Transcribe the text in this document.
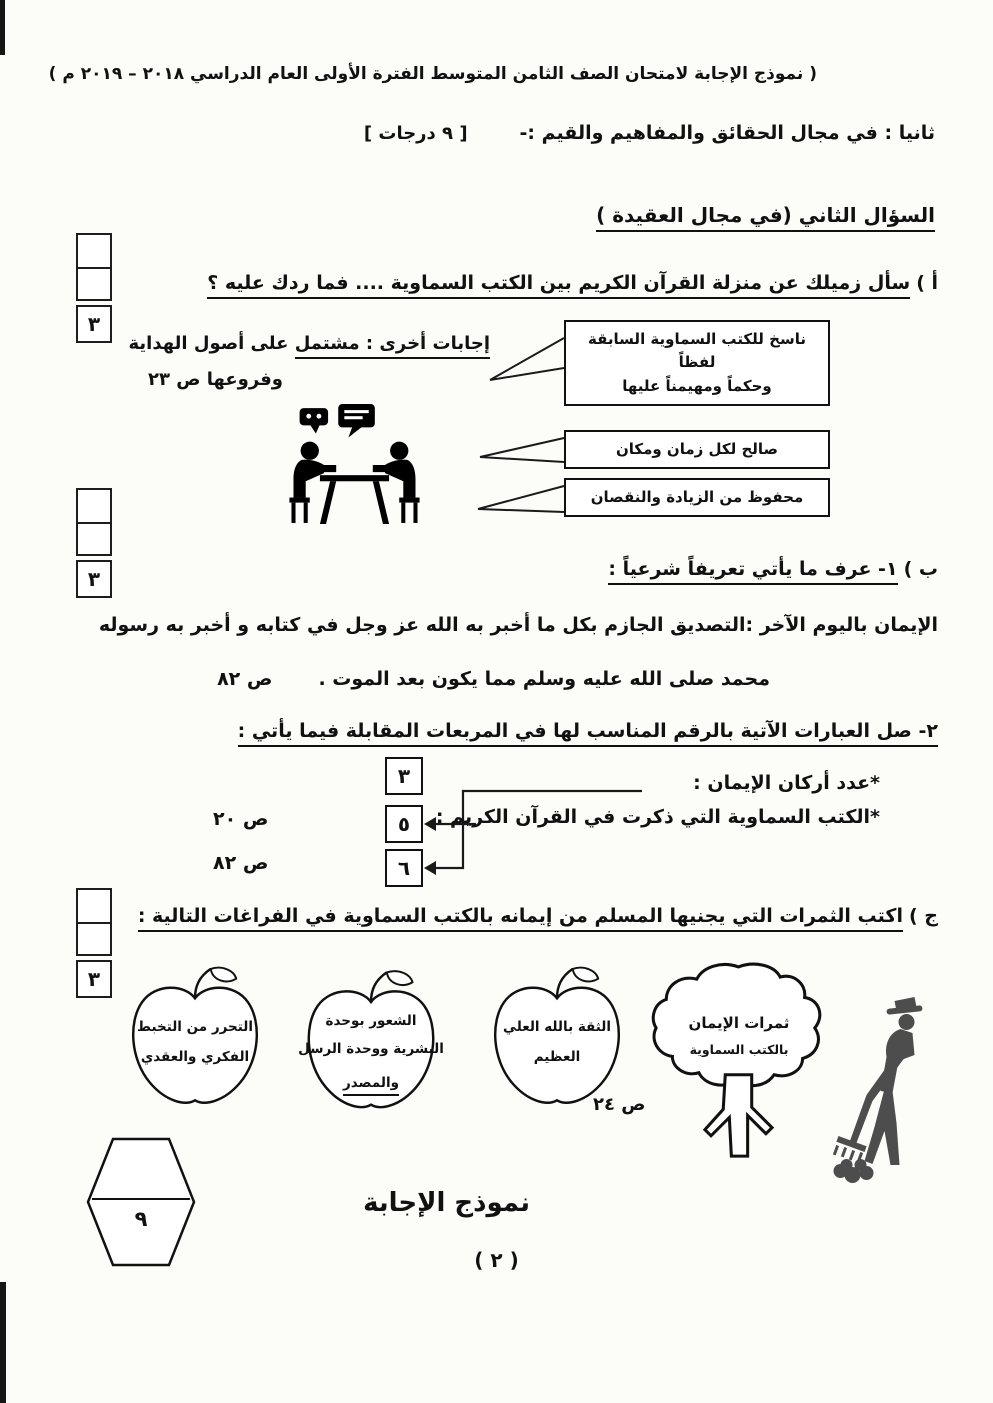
( نموذج الإجابة لامتحان الصف الثامن المتوسط الفترة الأولى العام الدراسي ٢٠١٨ – ٢٠١٩ م )
ثانيا : في مجال الحقائق والمفاهيم والقيم :-
[ ٩ درجات ]
السؤال الثاني (في مجال العقيدة )
أ ) سأل زميلك عن منزلة القرآن الكريم بين الكتب السماوية .... فما ردك عليه ؟
٣
ناسخ للكتب السماوية السابقة لفظاً
وحكماً ومهيمناً عليها
إجابات أخرى : مشتمل على أصول الهداية
وفروعها ص ٢٣
صالح لكل زمان ومكان
محفوظ من الزيادة والنقصان
٣	ب ) ١- عرف ما يأتي تعريفاً شرعياً :
الإيمان باليوم الآخر :التصديق الجازم بكل ما أخبر به الله عز وجل في كتابه و أخبر به رسوله
محمد صلى الله عليه وسلم مما يكون بعد الموت .
ص ٨٢
٢- صل العبارات الآتية بالرقم المناسب لها في المربعات المقابلة فيما يأتي :
*عدد أركان الإيمان :
*الكتب السماوية التي ذكرت في القرآن الكريم :
٣
٥
٦
ص ٢٠
ص ٨٢
٣
ج ) اكتب الثمرات التي يجنيها المسلم من إيمانه بالكتب السماوية في الفراغات التالية :
التحرر من التخبط
الفكري والعقدي
الشعور بوحدة
البشرية ووحدة الرسل
والمصدر
الثقة بالله العلي
العظيم
ثمرات الإيمان
بالكتب السماوية
ص ٢٤
٩
نموذج الإجابة
( ٢ )
